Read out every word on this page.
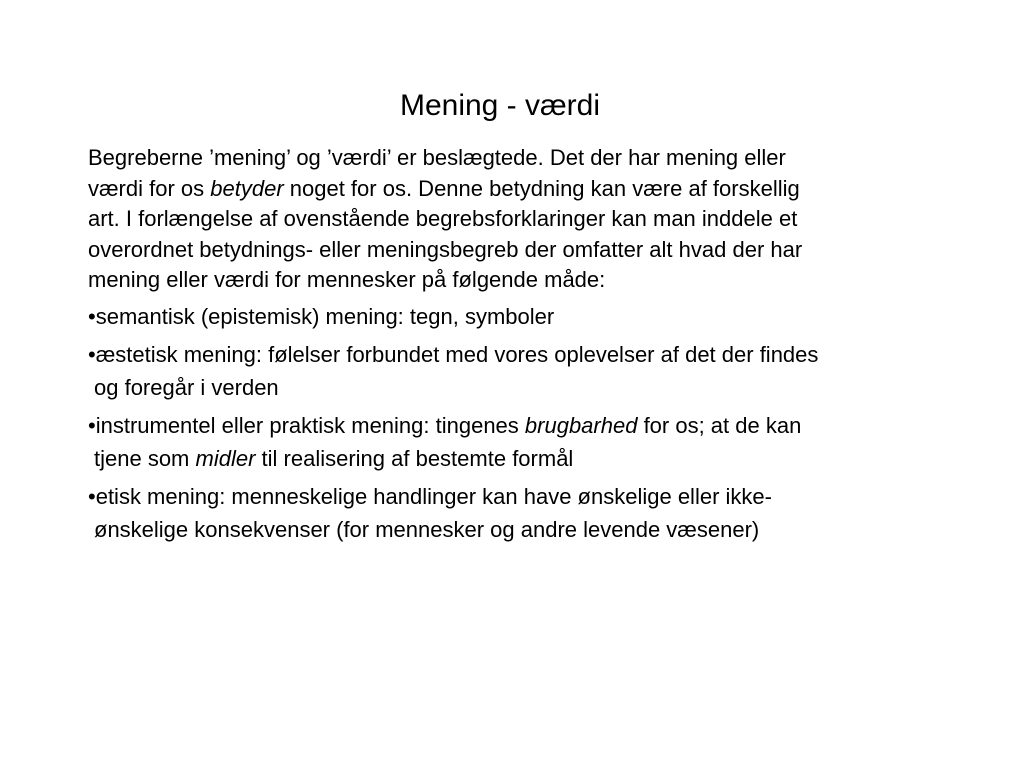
Mening - værdi

Begreberne ’mening’ og ’værdi’ er beslægtede. Det der har mening eller
værdi for os betyder noget for os. Denne betydning kan være af forskellig
art. I forlængelse af ovenstående begrebsforklaringer kan man inddele et
overordnet betydnings- eller meningsbegreb der omfatter alt hvad der har
mening eller værdi for mennesker på følgende måde:

•semantisk (epistemisk) mening: tegn, symboler
•æstetisk mening: følelser forbundet med vores oplevelser af det der findes
og foregår i verden
•instrumentel eller praktisk mening: tingenes brugbarhed for os; at de kan
tjene som midler til realisering af bestemte formål
•etisk mening: menneskelige handlinger kan have ønskelige eller ikke-
ønskelige konsekvenser (for mennesker og andre levende væsener)
